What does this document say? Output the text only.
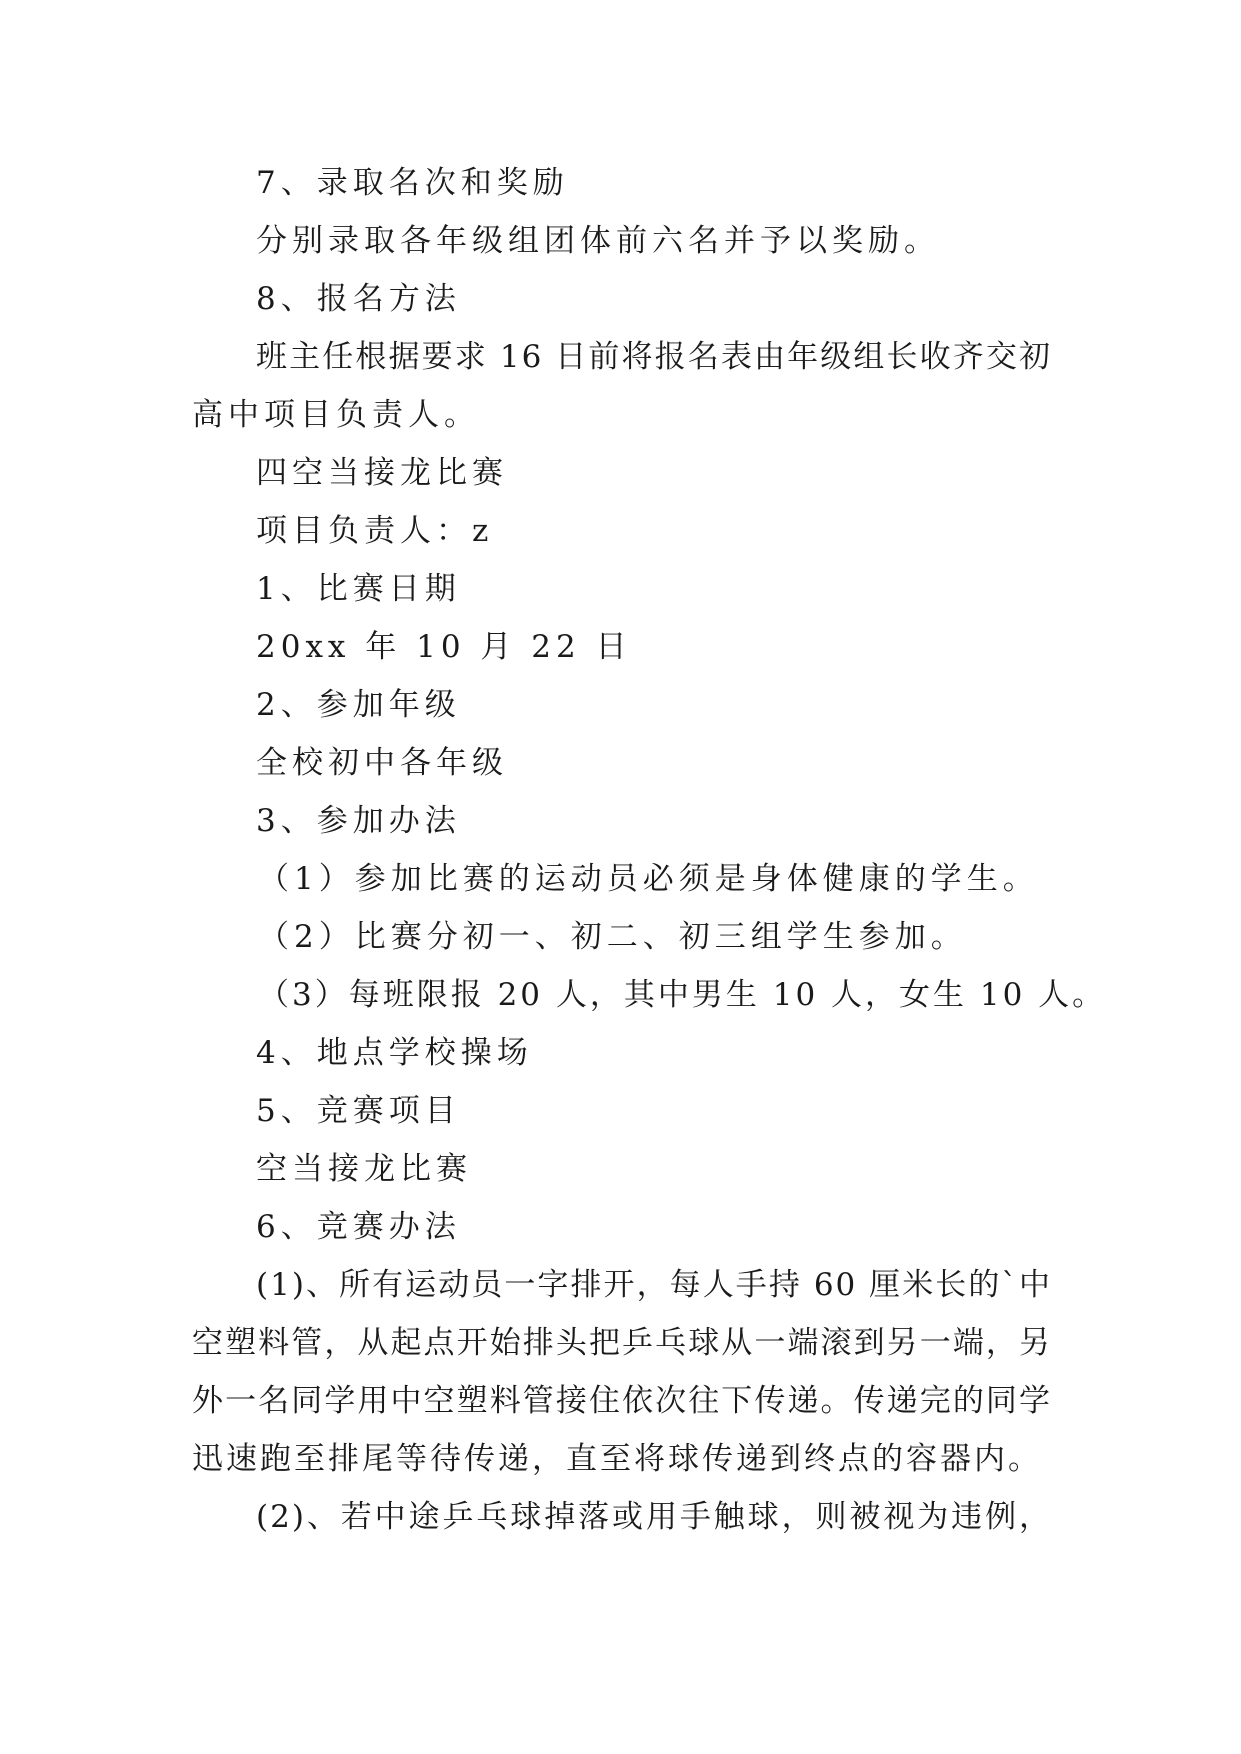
7、录取名次和奖励
分别录取各年级组团体前六名并予以奖励。
8、报名方法
班主任根据要求 16 日前将报名表由年级组长收齐交初
高中项目负责人。
四空当接龙比赛
项目负责人：z
1、比赛日期
20xx 年 10 月 22 日
2、参加年级
全校初中各年级
3、参加办法
（1）参加比赛的运动员必须是身体健康的学生。
（2）比赛分初一、初二、初三组学生参加。
（3）每班限报 20 人，其中男生 10 人，女生 10 人。
4、地点学校操场
5、竞赛项目
空当接龙比赛
6、竞赛办法
(1)、所有运动员一字排开，每人手持 60 厘米长的`中
空塑料管，从起点开始排头把乒乓球从一端滚到另一端，另
外一名同学用中空塑料管接住依次往下传递。传递完的同学
迅速跑至排尾等待传递，直至将球传递到终点的容器内。
(2)、若中途乒乓球掉落或用手触球，则被视为违例，
